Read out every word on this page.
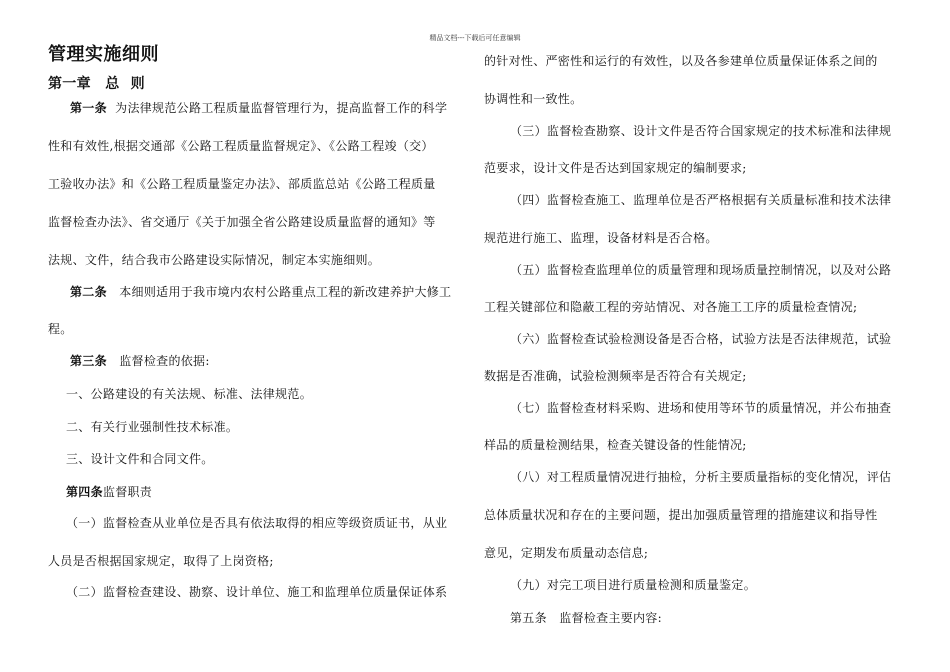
精品文档---下载后可任意编辑
管理实施细则
第一章　总 则
第一条 为法律规范公路工程质量监督管理行为，提高监督工作的科学
性和有效性,根据交通部《公路工程质量监督规定》、《公路工程竣（交）
工验收办法》和《公路工程质量鉴定办法》、部质监总站《公路工程质量
监督检查办法》、省交通厅《关于加强全省公路建设质量监督的通知》等
法规、文件，结合我市公路建设实际情况，制定本实施细则。
第二条 本细则适用于我市境内农村公路重点工程的新改建养护大修工
程。
第三条 监督检查的依据:
一、公路建设的有关法规、标准、法律规范。
二、有关行业强制性技术标准。
三、设计文件和合同文件。
第四条监督职责
（一）监督检查从业单位是否具有依法取得的相应等级资质证书，从业
人员是否根据国家规定，取得了上岗资格;
（二）监督检查建设、勘察、设计单位、施工和监理单位质量保证体系
的针对性、严密性和运行的有效性，以及各参建单位质量保证体系之间的
协调性和一致性。
（三）监督检查勘察、设计文件是否符合国家规定的技术标准和法律规
范要求，设计文件是否达到国家规定的编制要求;
（四）监督检查施工、监理单位是否严格根据有关质量标准和技术法律
规范进行施工、监理，设备材料是否合格。
（五）监督检查监理单位的质量管理和现场质量控制情况，以及对公路
工程关键部位和隐蔽工程的旁站情况、对各施工工序的质量检查情况;
（六）监督检查试验检测设备是否合格，试验方法是否法律规范，试验
数据是否准确，试验检测频率是否符合有关规定;
（七）监督检查材料采购、进场和使用等环节的质量情况，并公布抽查
样品的质量检测结果，检查关键设备的性能情况;
（八）对工程质量情况进行抽检，分析主要质量指标的变化情况，评估
总体质量状况和存在的主要问题，提出加强质量管理的措施建议和指导性
意见，定期发布质量动态信息;
（九）对完工项目进行质量检测和质量鉴定。
第五条　监督检查主要内容:
